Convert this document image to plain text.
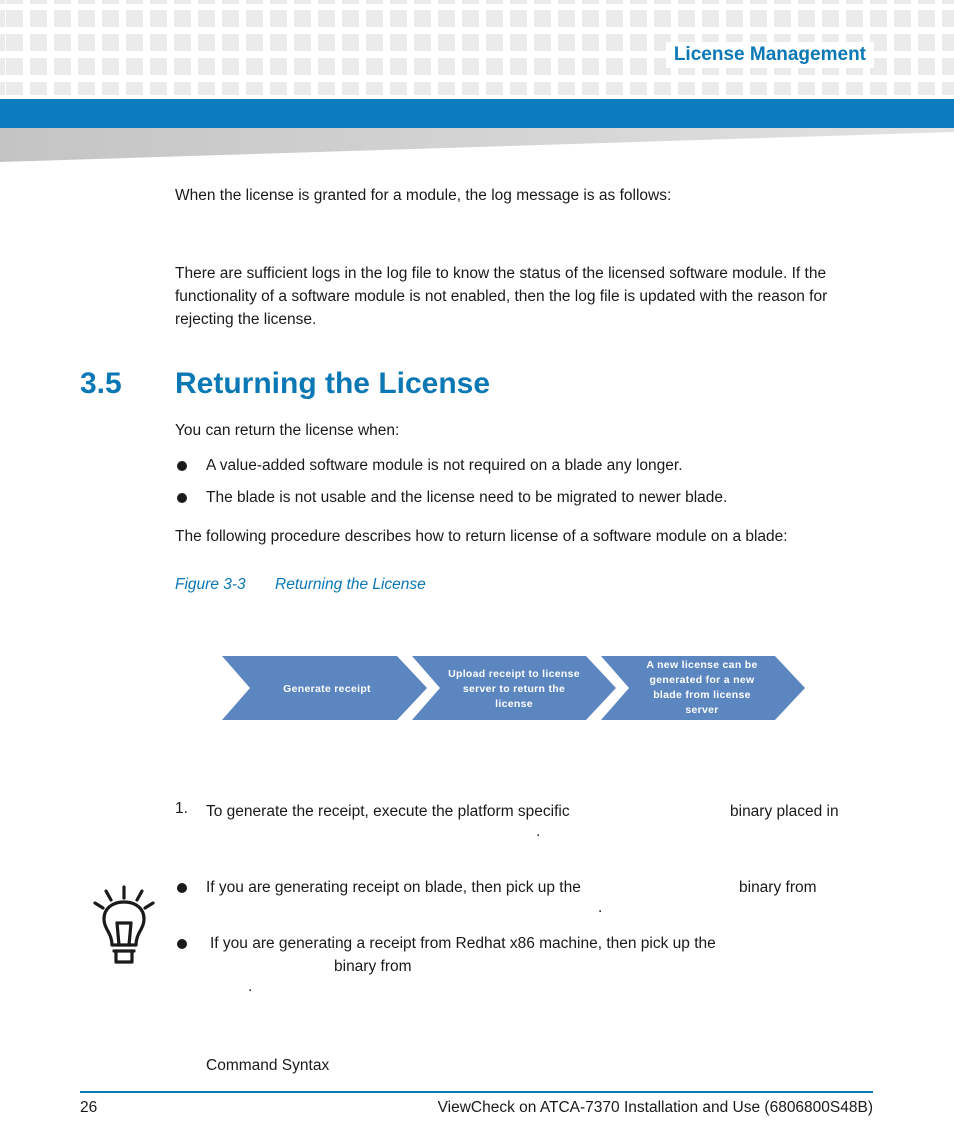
License Management

When the license is granted for a module, the log message is as follows:

There are sufficient logs in the log file to know the status of the licensed software module. If the functionality of a software module is not enabled, then the log file is updated with the reason for rejecting the license.

3.5 Returning the License

You can return the license when:

A value-added software module is not required on a blade any longer.
The blade is not usable and the license need to be migrated to newer blade.

The following procedure describes how to return license of a software module on a blade:

Figure 3-3 Returning the License
Generate receipt
Upload receipt to license server to return the license
A new license can be generated for a new blade from license server
1. To generate the receipt, execute the platform specific	binary placed in
.
If you are generating receipt on blade, then pick up the	binary from
.
If you are generating a receipt from Redhat x86 machine, then pick up the
binary from
.
Command Syntax
26	ViewCheck on ATCA-7370 Installation and Use (6806800S48B)
